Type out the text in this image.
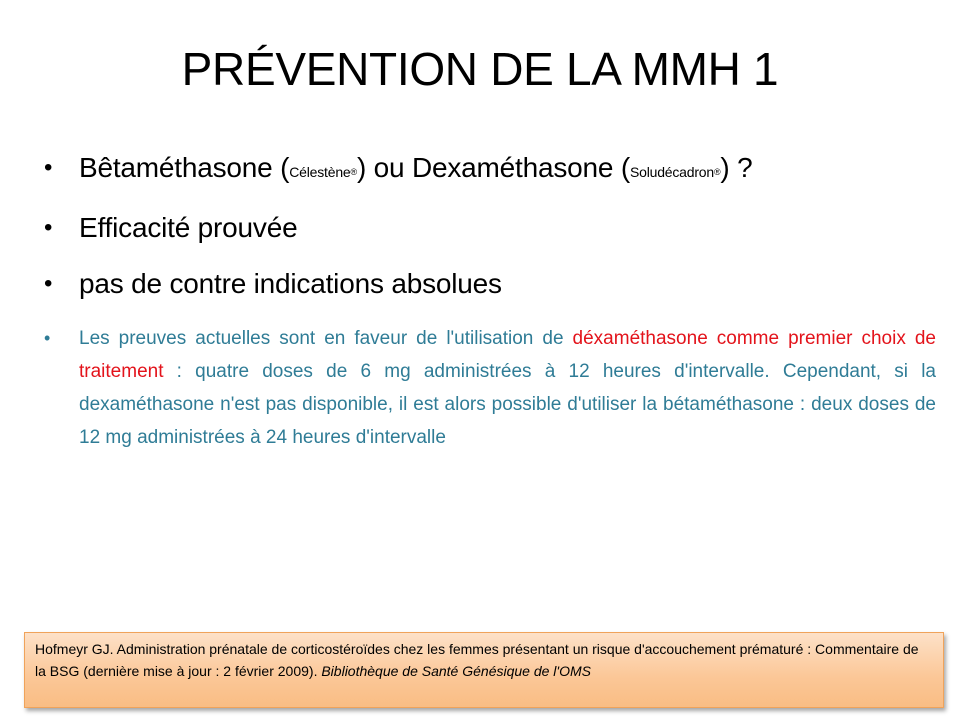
PRÉVENTION DE LA MMH 1
• Bêtaméthasone (Célestène®) ou Dexaméthasone (Soludécadron®) ?
• Efficacité prouvée
• pas de contre indications absolues
• Les preuves actuelles sont en faveur de l'utilisation de déxaméthasone comme premier choix de traitement : quatre doses de 6 mg administrées à 12 heures d'intervalle. Cependant, si la dexaméthasone n'est pas disponible, il est alors possible d'utiliser la bétaméthasone : deux doses de 12 mg administrées à 24 heures d'intervalle
Hofmeyr GJ. Administration prénatale de corticostéroïdes chez les femmes présentant un risque d'accouchement prématuré : Commentaire de la BSG (dernière mise à jour : 2 février 2009). Bibliothèque de Santé Génésique de l'OMS
